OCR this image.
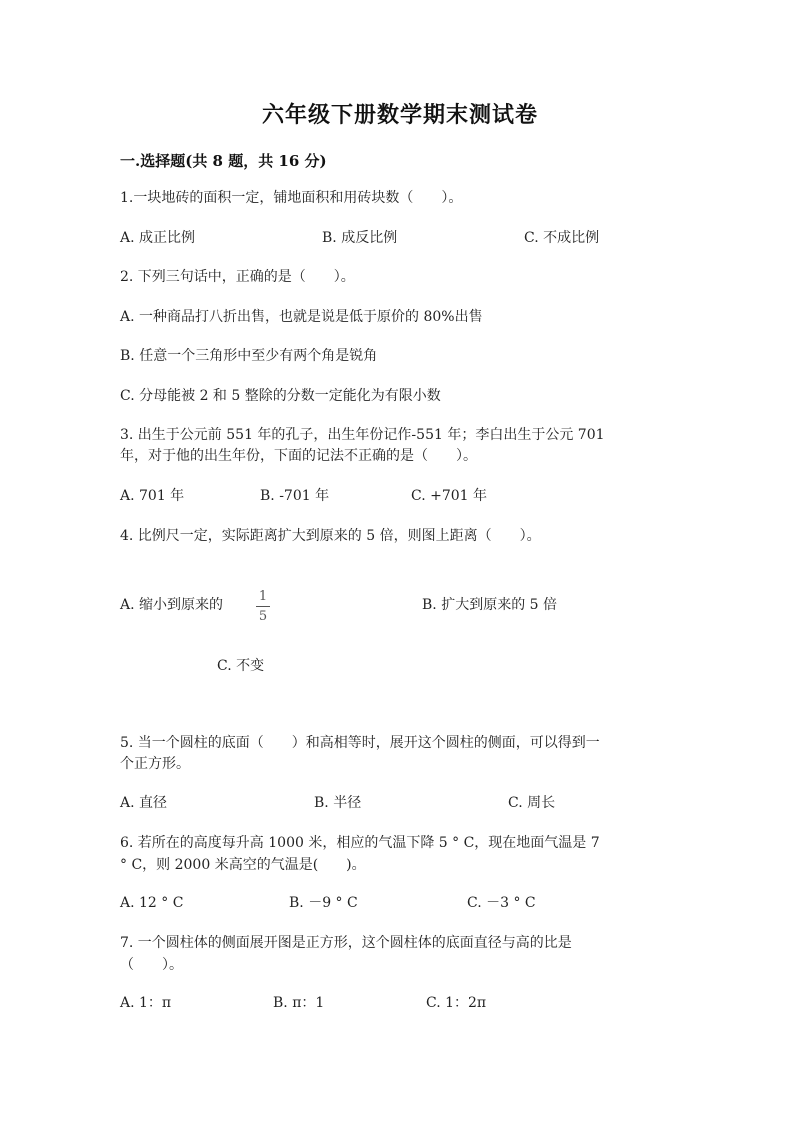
六年级下册数学期末测试卷
一.选择题(共 8 题，共 16 分)
1.一块地砖的面积一定，铺地面积和用砖块数（　　）。
A. 成正比例	B. 成反比例	C. 不成比例
2. 下列三句话中，正确的是（　　）。
A. 一种商品打八折出售，也就是说是低于原价的 80%出售
B. 任意一个三角形中至少有两个角是锐角
C. 分母能被 2 和 5 整除的分数一定能化为有限小数
3. 出生于公元前 551 年的孔子，出生年份记作-551 年；李白出生于公元 701
年，对于他的出生年份，下面的记法不正确的是（　　）。
A. 701 年	B. -701 年	C. +701 年
4. 比例尺一定，实际距离扩大到原来的 5 倍，则图上距离（　　）。
A. 缩小到原来的
1
5
B. 扩大到原来的 5 倍
C. 不变
5. 当一个圆柱的底面（　　）和高相等时，展开这个圆柱的侧面，可以得到一
个正方形。
A. 直径	B. 半径	C. 周长
6. 若所在的高度每升高 1000 米，相应的气温下降 5 ° C，现在地面气温是 7
° C，则 2000 米高空的气温是(　　)。
A. 12 ° C	B. －9 ° C	C. －3 ° C
7. 一个圆柱体的侧面展开图是正方形，这个圆柱体的底面直径与高的比是
（　　）。
A. 1：π	B. π：1	C. 1：2π
